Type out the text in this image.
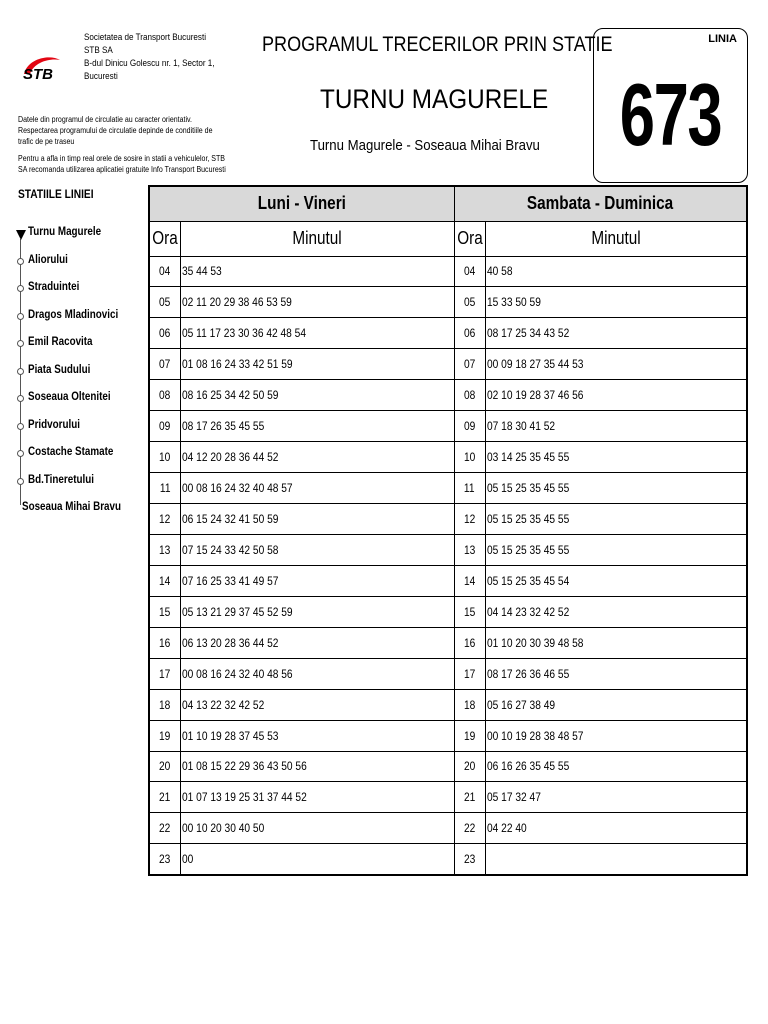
STB
Societatea de Transport Bucuresti
STB SA
B-dul Dinicu Golescu nr. 1, Sector 1,
Bucuresti

Datele din programul de circulatie au caracter orientativ. Respectarea programului de circulatie depinde de conditiile de trafic de pe traseu

Pentru a afla in timp real orele de sosire in statii a vehiculelor, STB SA recomanda utilizarea aplicatiei gratuite Info Transport Bucuresti

PROGRAMUL TRECERILOR PRIN STATIE
TURNU MAGURELE
Turnu Magurele - Soseaua Mihai Bravu
LINIA
673
STATIILE LINIEI
Turnu Magurele
Aliorului
Straduintei
Dragos Mladinovici
Emil Racovita
Piata Sudului
Soseaua Oltenitei
Pridvorului
Costache Stamate
Bd.Tineretului
Soseaua Mihai Bravu
Luni - Vineri		Sambata - Duminica	
Ora	Minutul	Ora	Minutul
04	35 44 53	04	40 58
05	02 11 20 29 38 46 53 59	05	15 33 50 59
06	05 11 17 23 30 36 42 48 54	06	08 17 25 34 43 52
07	01 08 16 24 33 42 51 59	07	00 09 18 27 35 44 53
08	08 16 25 34 42 50 59	08	02 10 19 28 37 46 56
09	08 17 26 35 45 55	09	07 18 30 41 52
10	04 12 20 28 36 44 52	10	03 14 25 35 45 55
11	00 08 16 24 32 40 48 57	11	05 15 25 35 45 55
12	06 15 24 32 41 50 59	12	05 15 25 35 45 55
13	07 15 24 33 42 50 58	13	05 15 25 35 45 55
14	07 16 25 33 41 49 57	14	05 15 25 35 45 54
15	05 13 21 29 37 45 52 59	15	04 14 23 32 42 52
16	06 13 20 28 36 44 52	16	01 10 20 30 39 48 58
17	00 08 16 24 32 40 48 56	17	08 17 26 36 46 55
18	04 13 22 32 42 52	18	05 16 27 38 49
19	01 10 19 28 37 45 53	19	00 10 19 28 38 48 57
20	01 08 15 22 29 36 43 50 56	20	06 16 26 35 45 55
21	01 07 13 19 25 31 37 44 52	21	05 17 32 47
22	00 10 20 30 40 50	22	04 22 40
23	00	23	
